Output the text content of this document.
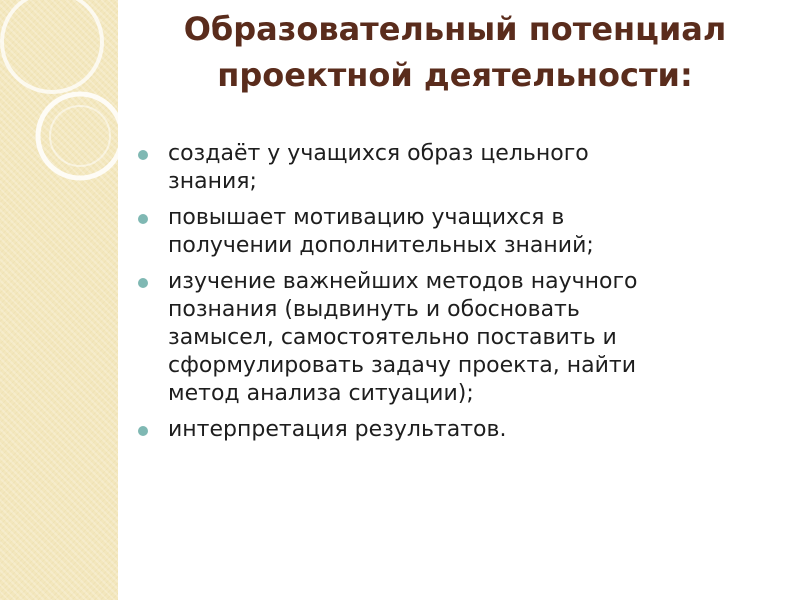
Образовательный потенциал
проектной деятельности:
создаёт у учащихся образ цельного
знания;
повышает мотивацию учащихся в
получении дополнительных знаний;
изучение важнейших методов научного
познания (выдвинуть и обосновать
замысел, самостоятельно поставить и
сформулировать задачу проекта, найти
метод анализа ситуации);
интерпретация результатов.
